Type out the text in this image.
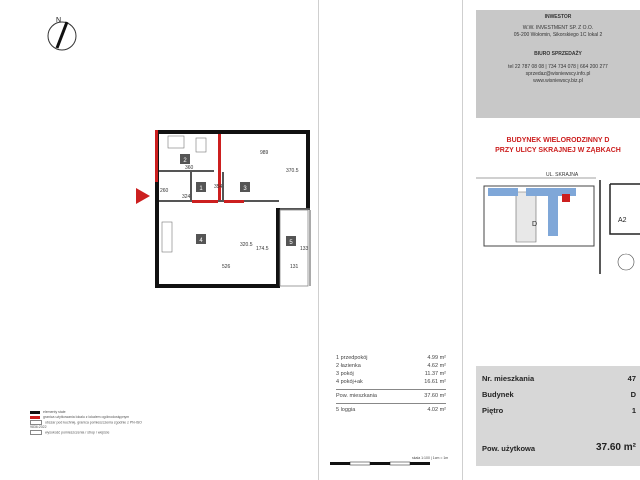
N
2
1	3
4	5
360
989
370.5
354
324
526
320.5
174.5
131
133
260
1 przedpokój	4.99 m²
2 łazienka	4.62 m²
3 pokój	11.37 m²
4 pokój+ak	16.61 m²
Pow. mieszkania	37.60 m²
5 loggia	4.02 m²
elementy stałe
granica użytkowania lokalu z lokalem ogólnodostępnym
obszar pod kuchnię, granica pomieszczenia zgodnie z PN-ISO 9836:2022
wysokość pomieszczenia / strop / wejście
skala 1:100 | 1cm = 1m
INWESTOR
W.W. INVESTMENT SP. Z O.O.
05-200 Wołomin, Sikorskiego 1C lokal 2
BIURO SPRZEDAŻY
tel 22 787 08 08 | 734 734 078 | 664 200 277
sprzedaz@wisniewscy.info.pl
www.wisniewscy.biz.pl
BUDYNEK WIELORODZINNY D
PRZY ULICY SKRAJNEJ W ZĄBKACH
UL. SKRAJNA
D
A2
Nr. mieszkania	47
Budynek	D
Piętro	1
Pow. użytkowa	37.60 m²
